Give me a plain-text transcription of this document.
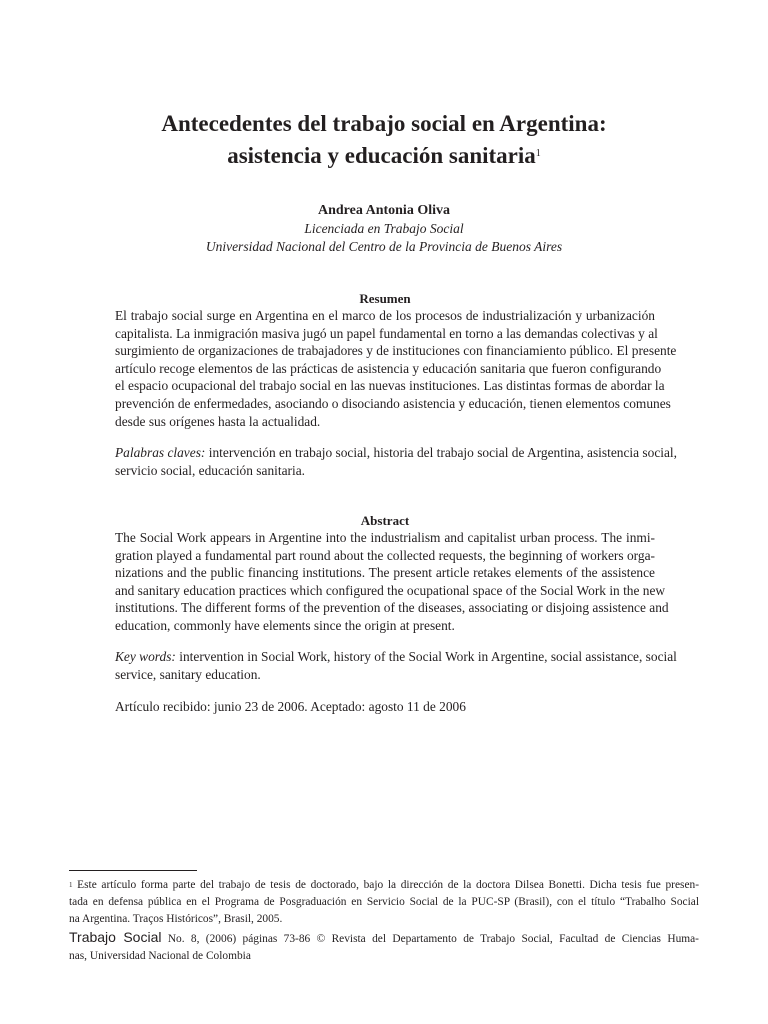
Antecedentes del trabajo social en Argentina:
asistencia y educación sanitaria$^1$
Andrea Antonia Oliva
Licenciada en Trabajo Social
Universidad Nacional del Centro de la Provincia de Buenos Aires
Resumen
El trabajo social surge en Argentina en el marco de los procesos de industrialización y urbanización
capitalista. La inmigración masiva jugó un papel fundamental en torno a las demandas colectivas y al
surgimiento de organizaciones de trabajadores y de instituciones con financiamiento público. El presente
artículo recoge elementos de las prácticas de asistencia y educación sanitaria que fueron configurando
el espacio ocupacional del trabajo social en las nuevas instituciones. Las distintas formas de abordar la
prevención de enfermedades, asociando o disociando asistencia y educación, tienen elementos comunes
desde sus orígenes hasta la actualidad.
Palabras claves: intervención en trabajo social, historia del trabajo social de Argentina, asistencia social,
servicio social, educación sanitaria.
Abstract
The Social Work appears in Argentine into the industrialism and capitalist urban process. The inmi-
gration played a fundamental part round about the collected requests, the beginning of workers orga-
nizations and the public financing institutions. The present article retakes elements of the assistence
and sanitary education practices which configured the ocupational space of the Social Work in the new
institutions. The different forms of the prevention of the diseases, associating or disjoing assistence and
education, commonly have elements since the origin at present.
Key words: intervention in Social Work, history of the Social Work in Argentine, social assistance, social
service, sanitary education.
Artículo recibido: junio 23 de 2006. Aceptado: agosto 11 de 2006
$^1$ Este artículo forma parte del trabajo de tesis de doctorado, bajo la dirección de la doctora Dilsea Bonetti. Dicha tesis fue presen-
tada en defensa pública en el Programa de Posgraduación en Servicio Social de la PUC-SP (Brasil), con el título “Trabalho Social
na Argentina. Traços Históricos”, Brasil, 2005.
Trabajo Social No. 8, (2006) páginas 73-86 © Revista del Departamento de Trabajo Social, Facultad de Ciencias Huma-
nas, Universidad Nacional de Colombia
